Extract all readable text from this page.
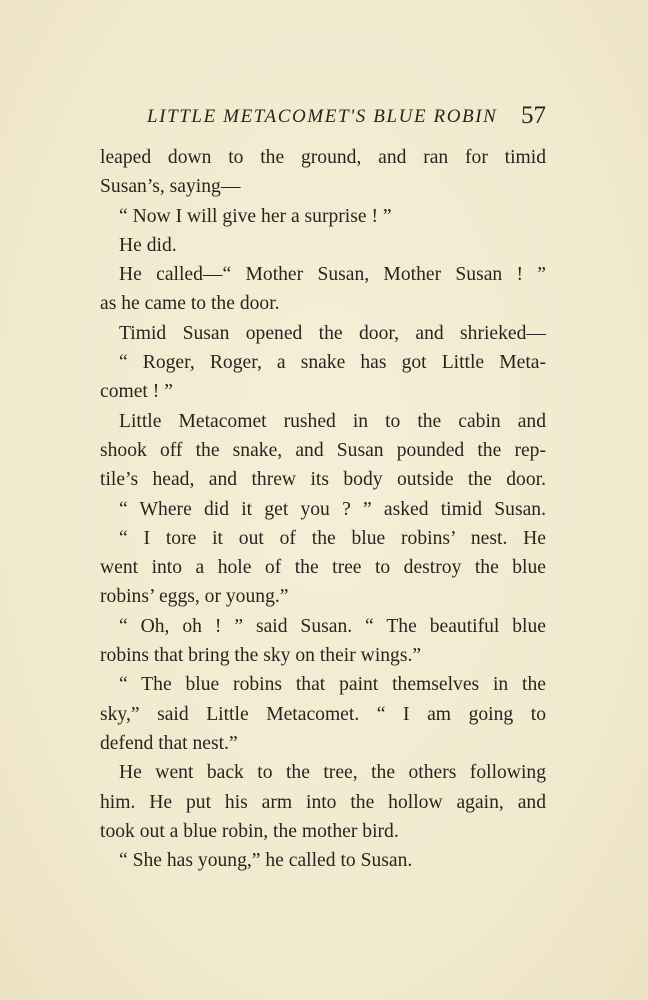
LITTLE METACOMET'S BLUE ROBIN 57
leaped down to the ground, and ran for timid
Susan’s, saying—
“ Now I will give her a surprise ! ”
He did.
He called—“ Mother Susan, Mother Susan ! ”
as he came to the door.
Timid Susan opened the door, and shrieked—
“ Roger, Roger, a snake has got Little Meta-
comet ! ”
Little Metacomet rushed in to the cabin and
shook off the snake, and Susan pounded the rep-
tile’s head, and threw its body outside the door.
“ Where did it get you ? ” asked timid Susan.
“ I tore it out of the blue robins’ nest. He
went into a hole of the tree to destroy the blue
robins’ eggs, or young.”
“ Oh, oh ! ” said Susan. “ The beautiful blue
robins that bring the sky on their wings.”
“ The blue robins that paint themselves in the
sky,” said Little Metacomet. “ I am going to
defend that nest.”
He went back to the tree, the others following
him. He put his arm into the hollow again, and
took out a blue robin, the mother bird.
“ She has young,” he called to Susan.
